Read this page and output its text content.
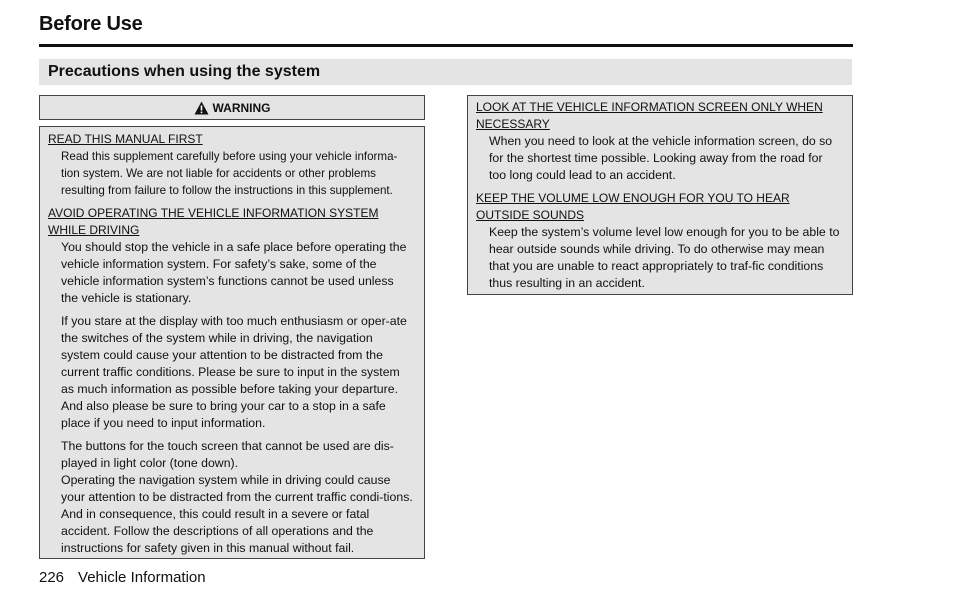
Before Use
Precautions when using the system
WARNING

READ THIS MANUAL FIRST

Read this supplement carefully before using your vehicle informa-tion system. We are not liable for accidents or other problems resulting from failure to follow the instructions in this supplement.

AVOID OPERATING THE VEHICLE INFORMATION SYSTEM WHILE DRIVING

You should stop the vehicle in a safe place before operating the vehicle information system. For safety’s sake, some of the vehicle information system’s functions cannot be used unless the vehicle is stationary.

If you stare at the display with too much enthusiasm or oper-ate the switches of the system while in driving, the navigation system could cause your attention to be distracted from the current traffic conditions. Please be sure to input in the system as much information as possible before taking your departure. And also please be sure to bring your car to a stop in a safe place if you need to input information.

The buttons for the touch screen that cannot be used are dis-played in light color (tone down).

Operating the navigation system while in driving could cause your attention to be distracted from the current traffic condi-tions. And in consequence, this could result in a severe or fatal accident. Follow the descriptions of all operations and the instructions for safety given in this manual without fail.

LOOK AT THE VEHICLE INFORMATION SCREEN ONLY WHEN NECESSARY

When you need to look at the vehicle information screen, do so for the shortest time possible. Looking away from the road for too long could lead to an accident.

KEEP THE VOLUME LOW ENOUGH FOR YOU TO HEAR OUTSIDE SOUNDS

Keep the system’s volume level low enough for you to be able to hear outside sounds while driving. To do otherwise may mean that you are unable to react appropriately to traf-fic conditions thus resulting in an accident.

226 Vehicle Information
